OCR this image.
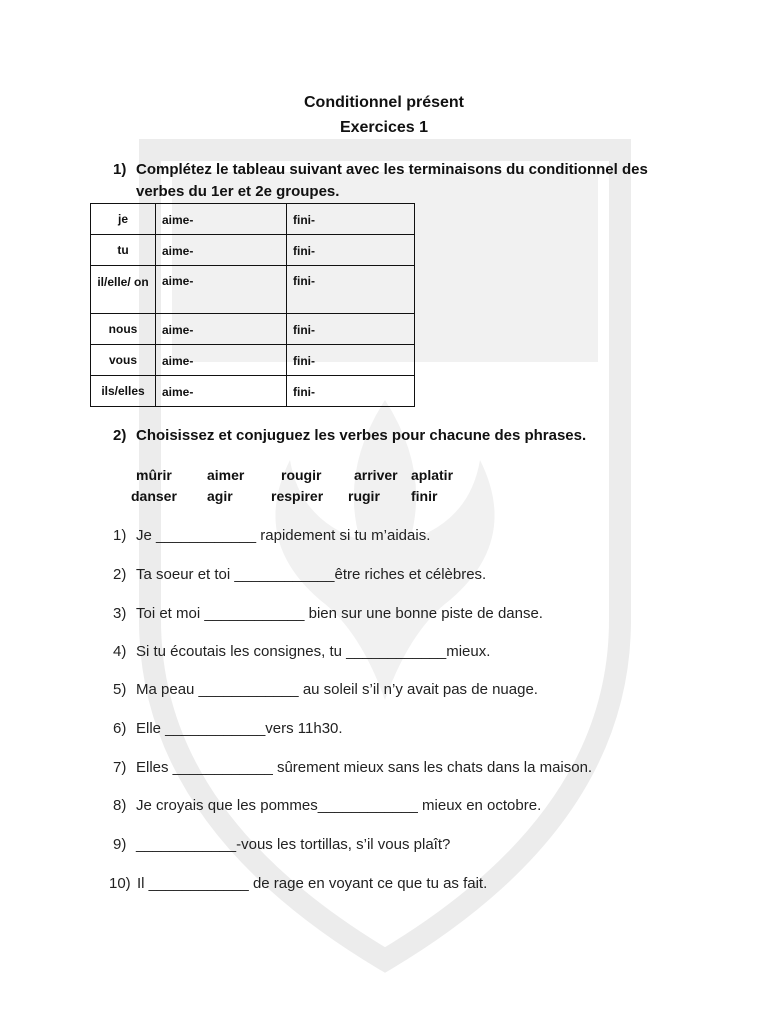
Conditionnel présent
Exercices 1
1) Complétez le tableau suivant avec les terminaisons du conditionnel des verbes du 1er et 2e groupes.
je	aime-	fini-
tu	aime-	fini-
il/elle/ on	aime-	fini-
nous	aime-	fini-
vous	aime-	fini-
ils/elles	aime-	fini-
2) Choisissez et conjuguez les verbes pour chacune des phrases.
mûrir	aimer	rougir arriver aplatir
danser agir	respirer rugir finir
1) Je ____________ rapidement si tu m’aidais.
2) Ta soeur et toi ____________être riches et célèbres.
3) Toi et moi ____________ bien sur une bonne piste de danse.
4) Si tu écoutais les consignes, tu ____________mieux.
5) Ma peau ____________ au soleil s’il n’y avait pas de nuage.
6) Elle ____________vers 11h30.
7) Elles ____________ sûrement mieux sans les chats dans la maison.
8) Je croyais que les pommes____________ mieux en octobre.
9) ____________-vous les tortillas, s’il vous plaît?
10) Il ____________ de rage en voyant ce que tu as fait.
